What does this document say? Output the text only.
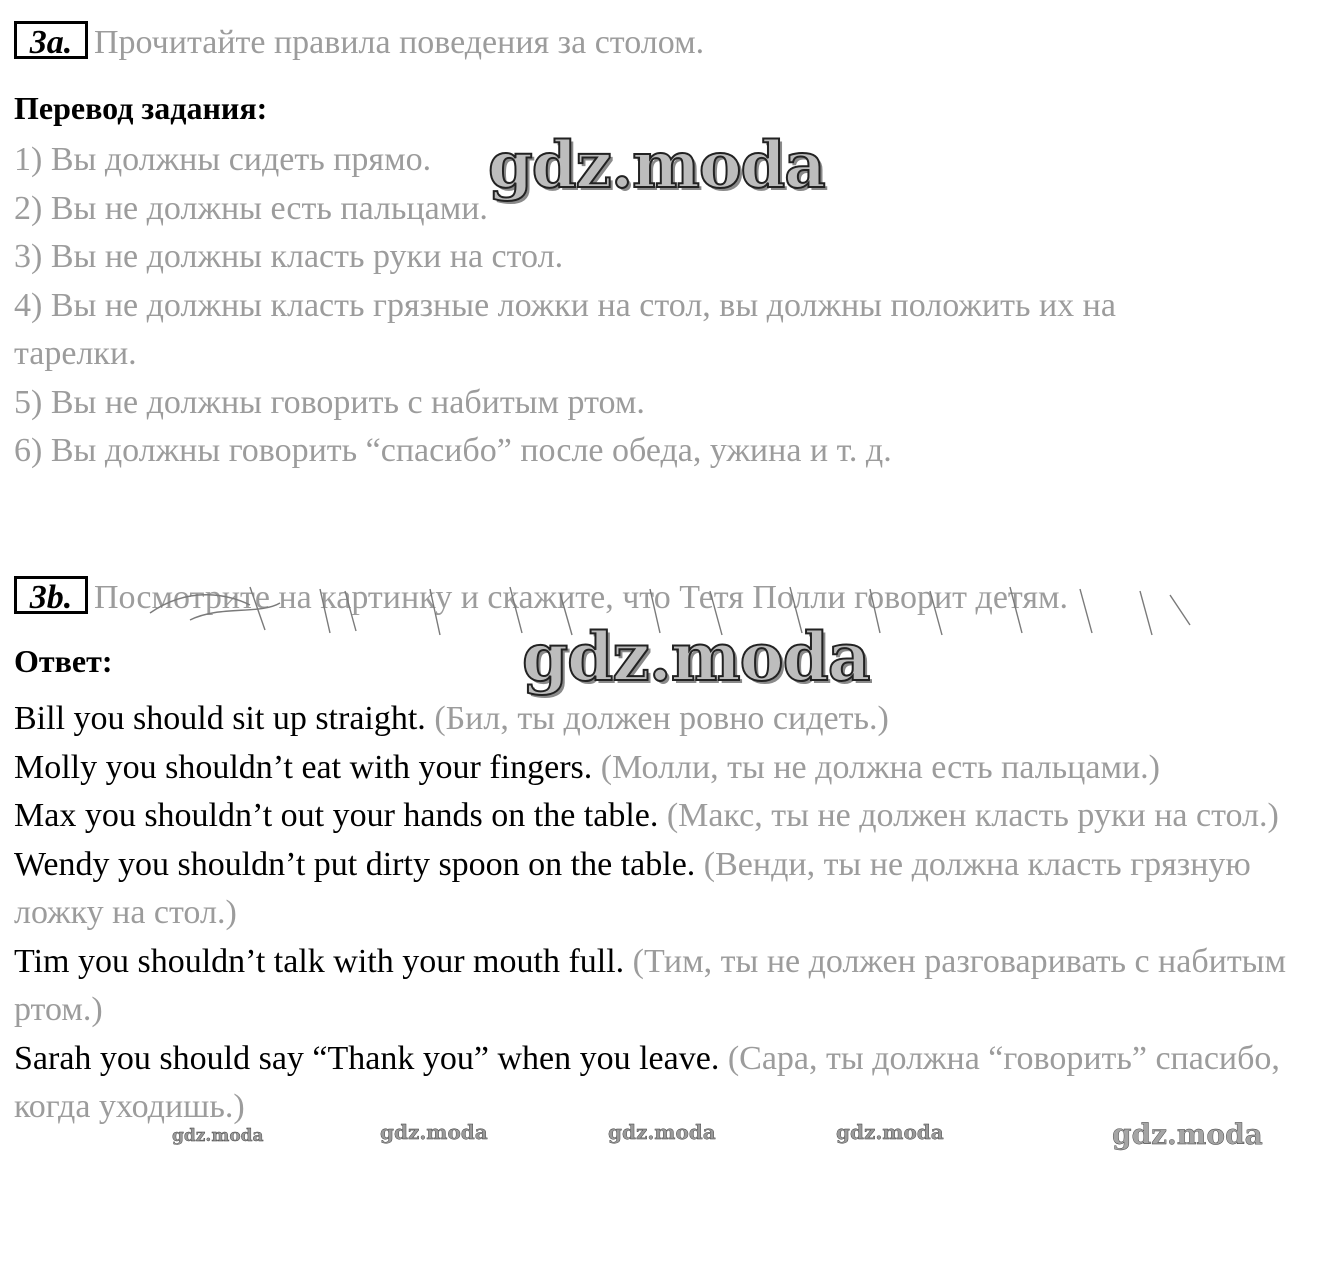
3a. Прочитайте правила поведения за столом.
Перевод задания:

1) Вы должны сидеть прямо.

2) Вы не должны есть пальцами.

3) Вы не должны класть руки на стол.

4) Вы не должны класть грязные ложки на стол, вы должны положить их на

тарелки.

5) Вы не должны говорить с набитым ртом.

6) Вы должны говорить “спасибо” после обеда, ужина и т. д.

3b. Посмотрите на картинку и скажите, что Тетя Полли говорит детям.
Ответ:

Bill you should sit up straight. (Бил, ты должен ровно сидеть.)

Molly you shouldn’t eat with your fingers. (Молли, ты не должна есть пальцами.)

Max you shouldn’t out your hands on the table. (Макс, ты не должен класть руки на стол.)

Wendy you shouldn’t put dirty spoon on the table. (Венди, ты не должна класть грязную ложку на стол.)

Tim you shouldn’t talk with your mouth full. (Тим, ты не должен разговаривать с набитым ртом.)

Sarah you should say “Thank you” when you leave. (Сара, ты должна “говорить” спасибо, когда уходишь.)

gdz.moda
gdz.moda
gdz.moda	gdz.moda	gdz.moda	gdz.moda	gdz.moda
